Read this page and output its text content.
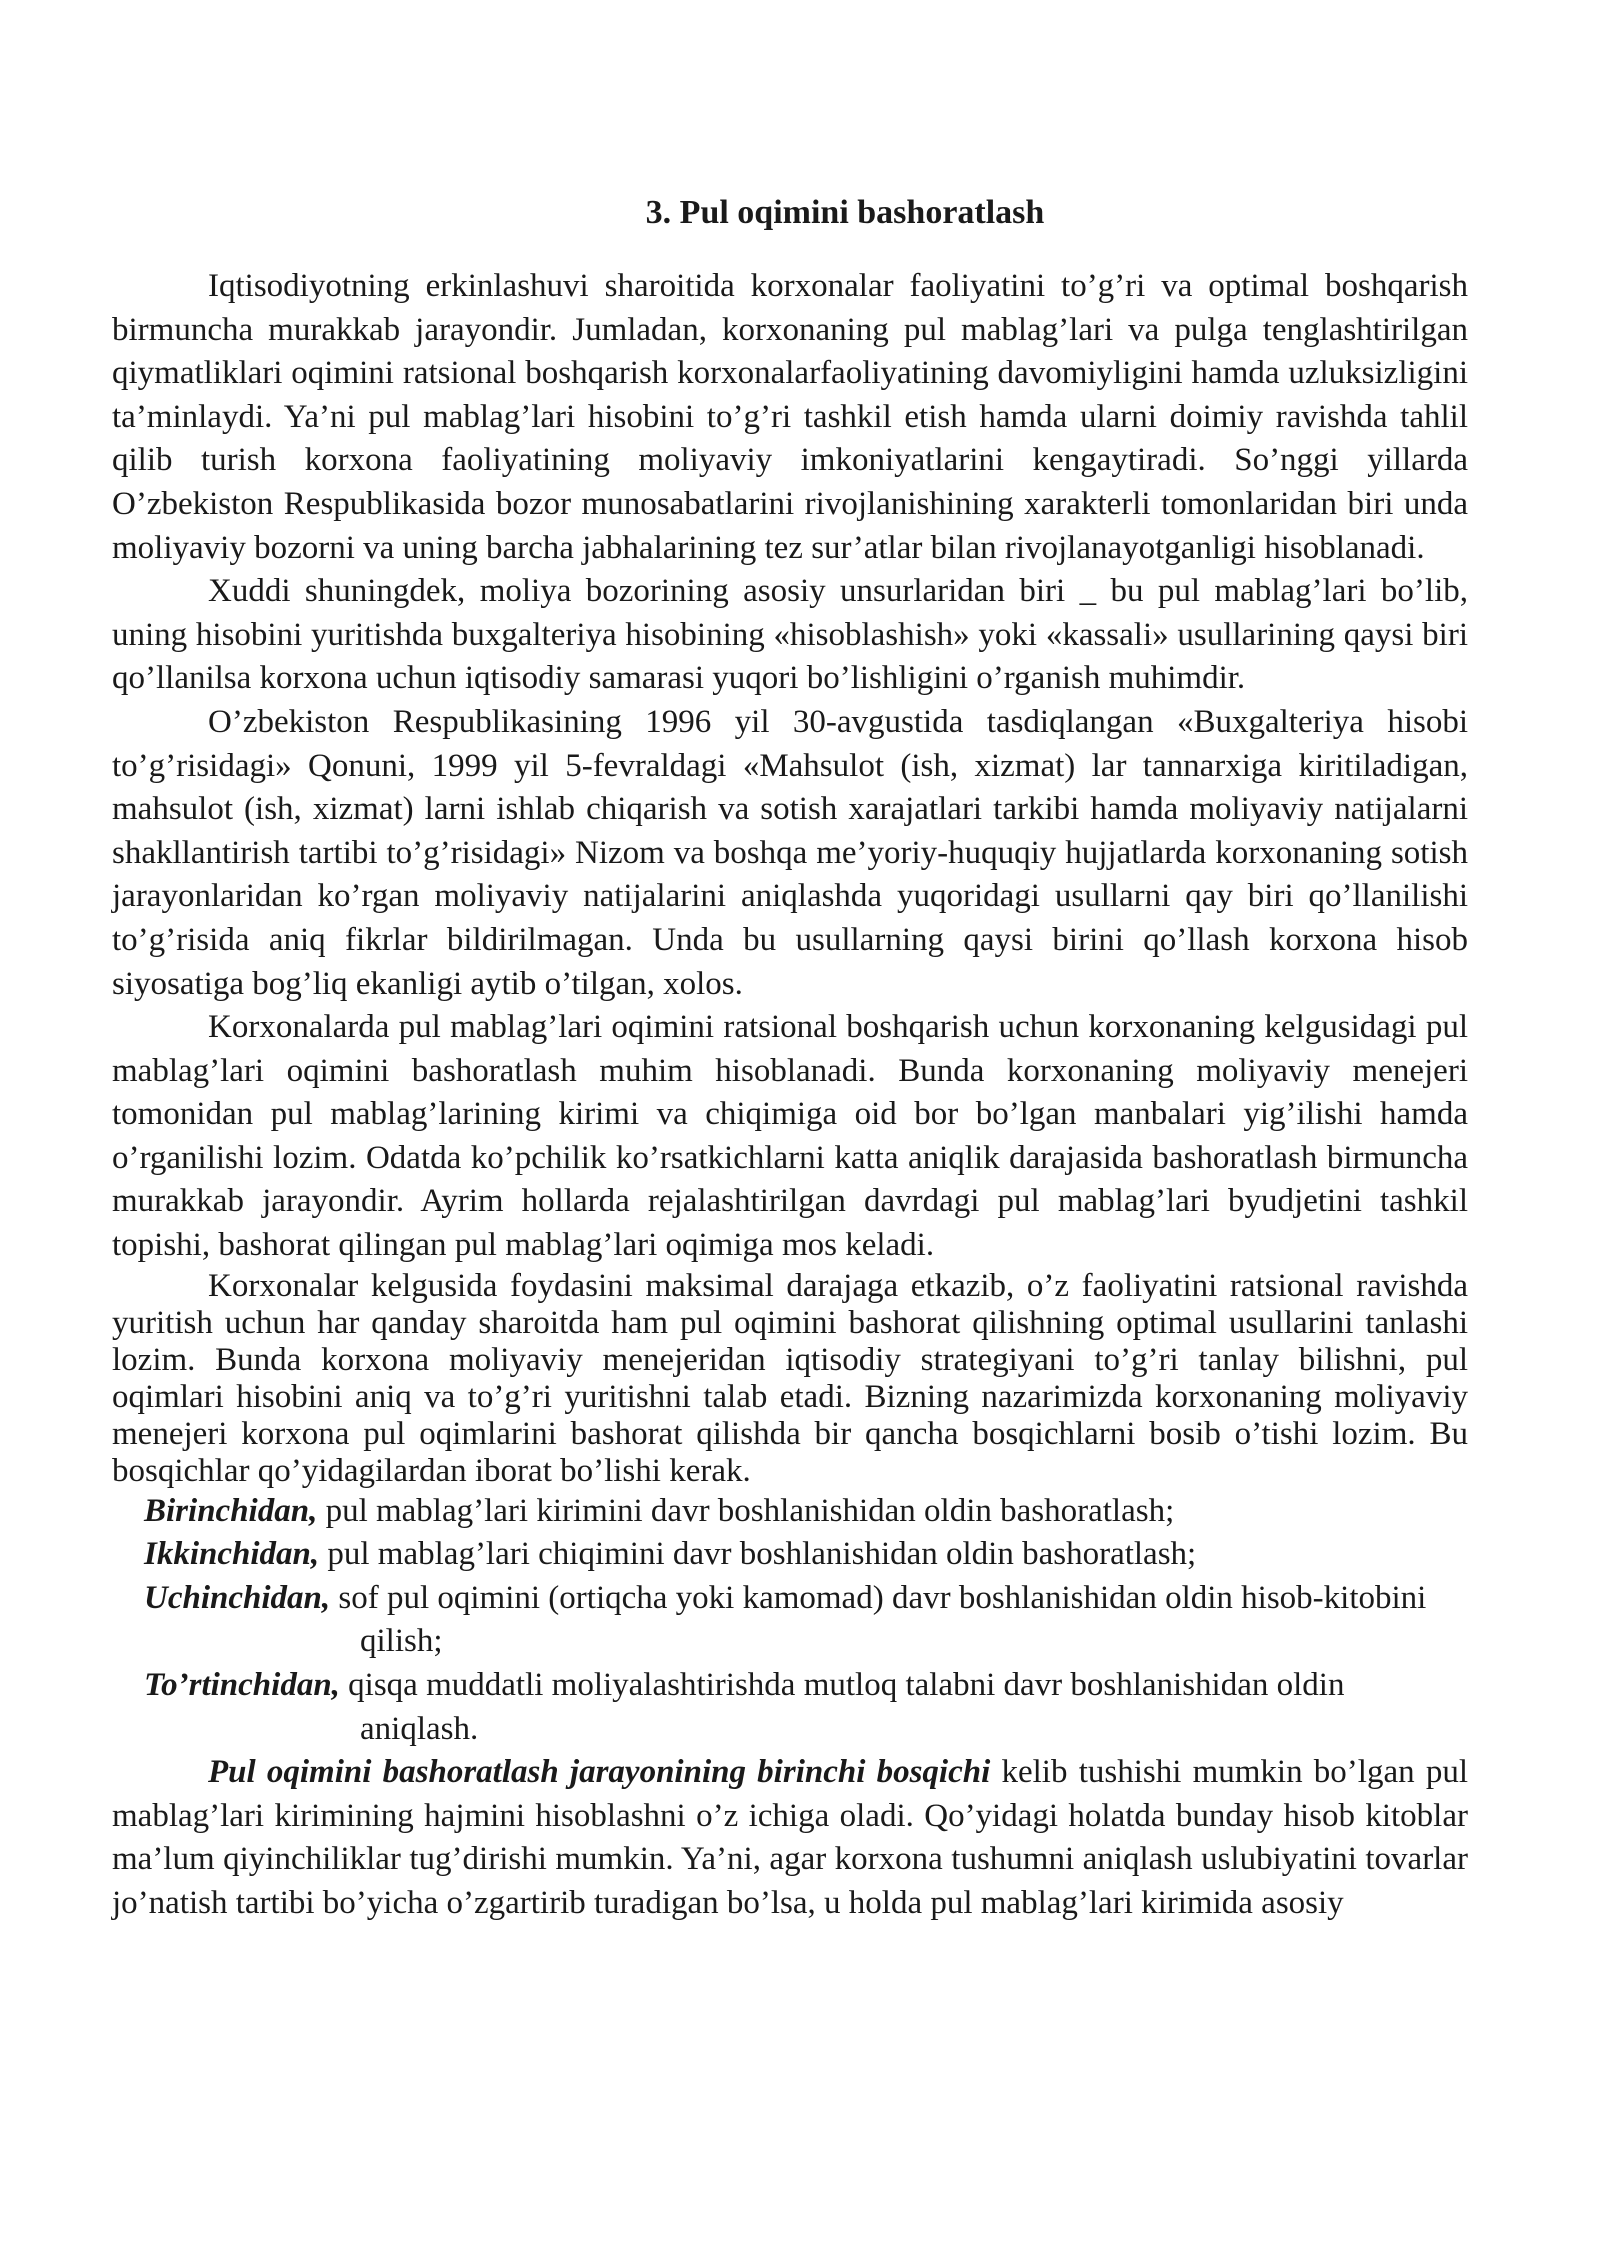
3. Pul oqimini bashoratlash

Iqtisodiyotning erkinlashuvi sharoitida korxonalar faoliyatini to’g’ri va optimal boshqarish birmuncha murakkab jarayondir. Jumladan, korxonaning pul mablag’lari va pulga tenglashtirilgan qiymatliklari oqimini ratsional boshqarish korxonalarfaoliyatining davomiyligini hamda uzluksizligini ta’minlaydi. Ya’ni pul mablag’lari hisobini to’g’ri tashkil etish hamda ularni doimiy ravishda tahlil qilib turish korxona faoliyatining moliyaviy imkoniyatlarini kengaytiradi. So’nggi yillarda O’zbekiston Respublikasida bozor munosabatlarini rivojlanishining xarakterli tomonlaridan biri unda moliyaviy bozorni va uning barcha jabhalarining tez sur’atlar bilan rivojlanayotganligi hisoblanadi.

Xuddi shuningdek, moliya bozorining asosiy unsurlaridan biri _ bu pul mablag’lari bo’lib, uning hisobini yuritishda buxgalteriya hisobining «hisoblashish» yoki «kassali» usullarining qaysi biri qo’llanilsa korxona uchun iqtisodiy samarasi yuqori bo’lishligini o’rganish muhimdir.

O’zbekiston Respublikasining 1996 yil 30-avgustida tasdiqlangan «Buxgalteriya hisobi to’g’risidagi» Qonuni, 1999 yil 5-fevraldagi «Mahsulot (ish, xizmat) lar tannarxiga kiritiladigan, mahsulot (ish, xizmat) larni ishlab chiqarish va sotish xarajatlari tarkibi hamda moliyaviy natijalarni shakllantirish tartibi to’g’risidagi» Nizom va boshqa me’yoriy-huquqiy hujjatlarda korxonaning sotish jarayonlaridan ko’rgan moliyaviy natijalarini aniqlashda yuqoridagi usullarni qay biri qo’llanilishi to’g’risida aniq fikrlar bildirilmagan. Unda bu usullarning qaysi birini qo’llash korxona hisob siyosatiga bog’liq ekanligi aytib o’tilgan, xolos.

Korxonalarda pul mablag’lari oqimini ratsional boshqarish uchun korxonaning kelgusidagi pul mablag’lari oqimini bashoratlash muhim hisoblanadi. Bunda korxonaning moliyaviy menejeri tomonidan pul mablag’larining kirimi va chiqimiga oid bor bo’lgan manbalari yig’ilishi hamda o’rganilishi lozim. Odatda ko’pchilik ko’rsatkichlarni katta aniqlik darajasida bashoratlash birmuncha murakkab jarayondir. Ayrim hollarda rejalashtirilgan davrdagi pul mablag’lari byudjetini tashkil topishi, bashorat qilingan pul mablag’lari oqimiga mos keladi.

Korxonalar kelgusida foydasini maksimal darajaga etkazib, o’z faoliyatini ratsional ravishda yuritish uchun har qanday sharoitda ham pul oqimini bashorat qilishning optimal usullarini tanlashi lozim. Bunda korxona moliyaviy menejeridan iqtisodiy strategiyani to’g’ri tanlay bilishni, pul oqimlari hisobini aniq va to’g’ri yuritishni talab etadi. Bizning nazarimizda korxonaning moliyaviy menejeri korxona pul oqimlarini bashorat qilishda bir qancha bosqichlarni bosib o’tishi lozim. Bu bosqichlar qo’yidagilardan iborat bo’lishi kerak.

Birinchidan, pul mablag’lari kirimini davr boshlanishidan oldin bashoratlash;

Ikkinchidan, pul mablag’lari chiqimini davr boshlanishidan oldin bashoratlash;

Uchinchidan, sof pul oqimini (ortiqcha yoki kamomad) davr boshlanishidan oldin hisob-kitobini qilish;

To’rtinchidan, qisqa muddatli moliyalashtirishda mutloq talabni davr boshlanishidan oldin aniqlash.

Pul oqimini bashoratlash jarayonining birinchi bosqichi kelib tushishi mumkin bo’lgan pul mablag’lari kirimining hajmini hisoblashni o’z ichiga oladi. Qo’yidagi holatda bunday hisob kitoblar ma’lum qiyinchiliklar tug’dirishi mumkin. Ya’ni, agar korxona tushumni aniqlash uslubiyatini tovarlar jo’natish tartibi bo’yicha o’zgartirib turadigan bo’lsa, u holda pul mablag’lari kirimida asosiy
